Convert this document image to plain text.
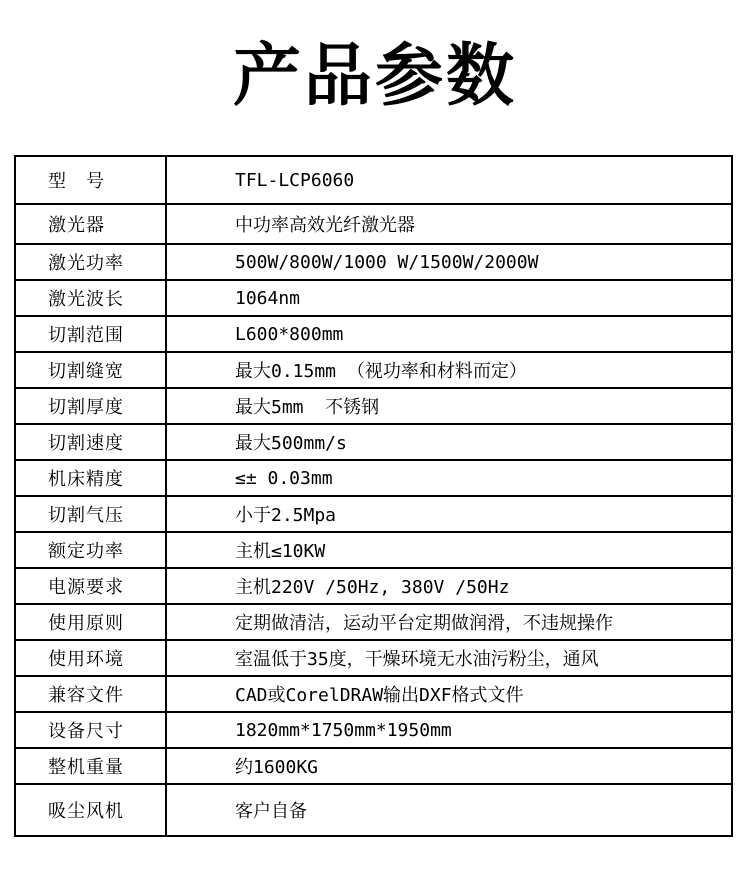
产品参数
型　号	TFL-LCP6060
激光器	中功率高效光纤激光器
激光功率	500W/800W/1000 W/1500W/2000W
激光波长	1064nm
切割范围	L600*800mm
切割缝宽	最大0.15mm （视功率和材料而定）
切割厚度	最大5mm  不锈钢
切割速度	最大500mm/s
机床精度	≤± 0.03mm
切割气压	小于2.5Mpa
额定功率	主机≤10KW
电源要求	主机220V /50Hz, 380V /50Hz
使用原则	定期做清洁，运动平台定期做润滑，不违规操作
使用环境	室温低于35度，干燥环境无水油污粉尘，通风
兼容文件	CAD或CorelDRAW输出DXF格式文件
设备尺寸	1820mm*1750mm*1950mm
整机重量	约1600KG
吸尘风机	客户自备
